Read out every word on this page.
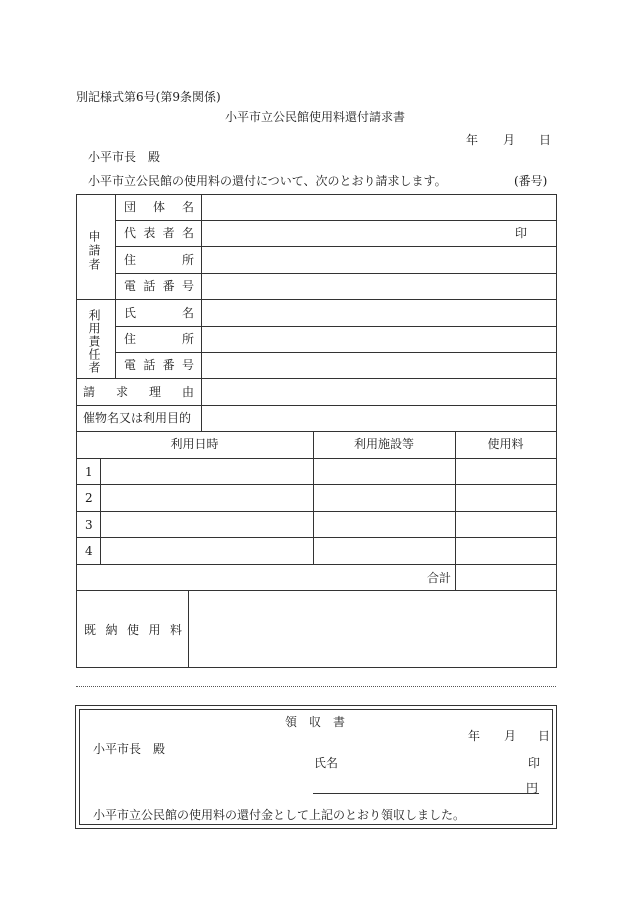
別記様式第6号(第9条関係)
小平市立公民館使用料還付請求書
年 月 日
小平市長　殿
小平市立公民館の使用料の還付について、次のとおり請求します。	(番号)
申請者
団 体 名
代 表 者 名	印
住	所
電 話 番 号
利用責任者 氏	名
住	所
電 話 番 号
請 求 理 由
催物名又は利用目的
利用日時	利用施設等	使用料
1
2
3
4
合計
既 納 使 用 料
領　収　書
年 月 日
小平市長　殿
氏名	印
円
小平市立公民館の使用料の還付金として上記のとおり領収しました。
